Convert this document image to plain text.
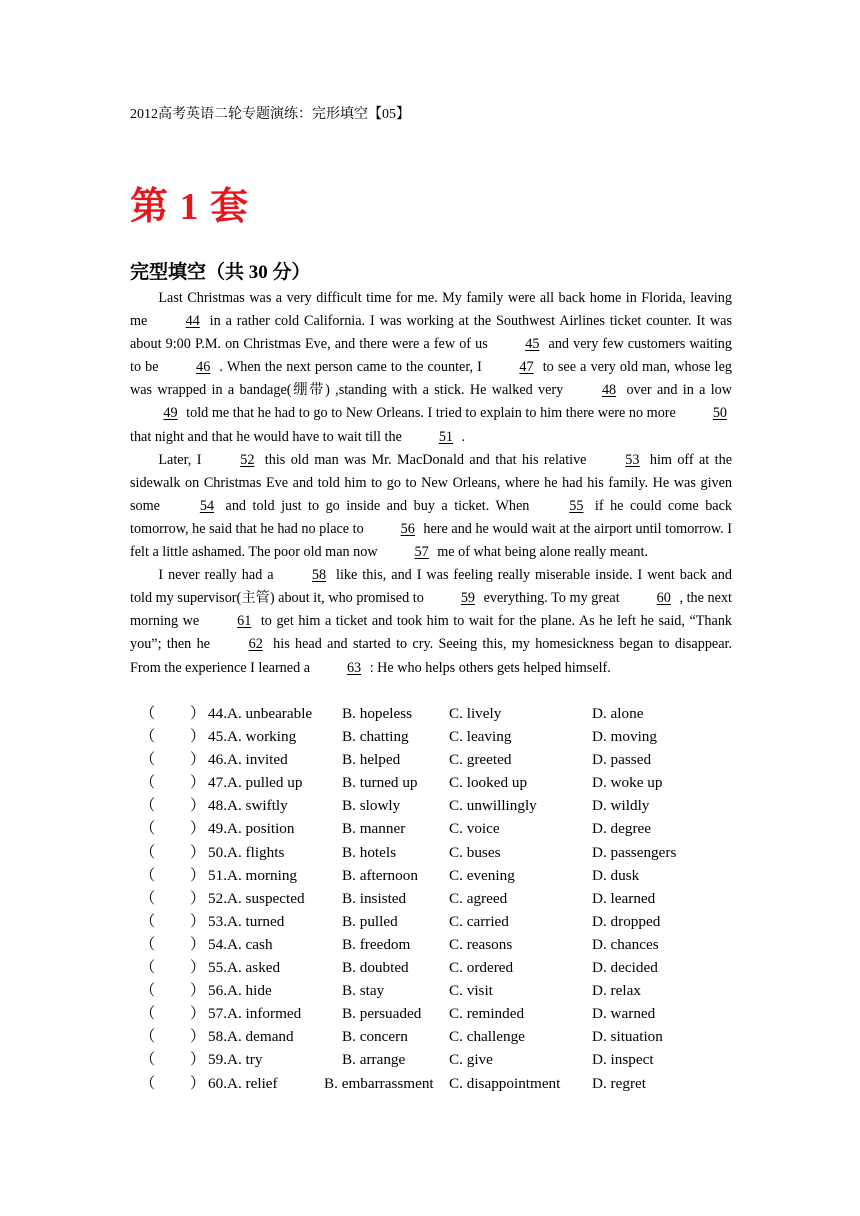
2012高考英语二轮专题演练：完形填空【05】
第 1 套
完型填空（共 30 分）

Last Christmas was a very difficult time for me. My family were all back home in Florida, leaving me 44 in a rather cold California. I was working at the Southwest Airlines ticket counter. It was about 9:00 P.M. on Christmas Eve, and there were a few of us 45 and very few customers waiting to be 46 . When the next person came to the counter, I 47 to see a very old man, whose leg was wrapped in a bandage(绷带) ,standing with a stick. He walked very 48 over and in a low 49 told me that he had to go to New Orleans. I tried to explain to him there were no more 50 that night and that he would have to wait till the 51 .

Later, I 52 this old man was Mr. MacDonald and that his relative 53 him off at the sidewalk on Christmas Eve and told him to go to New Orleans, where he had his family. He was given some 54 and told just to go inside and buy a ticket. When 55 if he could come back tomorrow, he said that he had no place to 56 here and he would wait at the airport until tomorrow. I felt a little ashamed. The poor old man now 57 me of what being alone really meant.

I never really had a 58 like this, and I was feeling really miserable inside. I went back and told my supervisor(主管) about it, who promised to 59 everything. To my great 60 , the next morning we 61 to get him a ticket and took him to wait for the plane. As he left he said, “Thank you”; then he 62 his head and started to cry. Seeing this, my homesickness began to disappear. From the experience I learned a 63 : He who helps others gets helped himself.

（ ） 44.A. unbearable B. hopeless C. lively	D. alone
（ ） 45.A. working	B. chatting	C. leaving	D. moving
（ ） 46.A. invited	B. helped	C. greeted	D. passed
（ ） 47.A. pulled up	B. turned up C. looked up	D. woke up
（ ） 48.A. swiftly	B. slowly	C. unwillingly	D. wildly
（ ） 49.A. position	B. manner	C. voice	D. degree
（ ） 50.A. flights	B. hotels	C. buses	D. passengers
（ ） 51.A. morning	B. afternoon C. evening	D. dusk
（ ） 52.A. suspected B. insisted	C. agreed	D. learned
（ ） 53.A. turned	B. pulled	C. carried	D. dropped
（ ） 54.A. cash	B. freedom	C. reasons	D. chances
（ ） 55.A. asked	B. doubted	C. ordered	D. decided
（ ） 56.A. hide	B. stay	C. visit	D. relax
（ ） 57.A. informed	B. persuaded C. reminded	D. warned
（ ） 58.A. demand	B. concern	C. challenge	D. situation
（ ） 59.A. try	B. arrange	C. give	D. inspect
（ ） 60.A. relief	B. embarrassment C. disappointment D. regret
